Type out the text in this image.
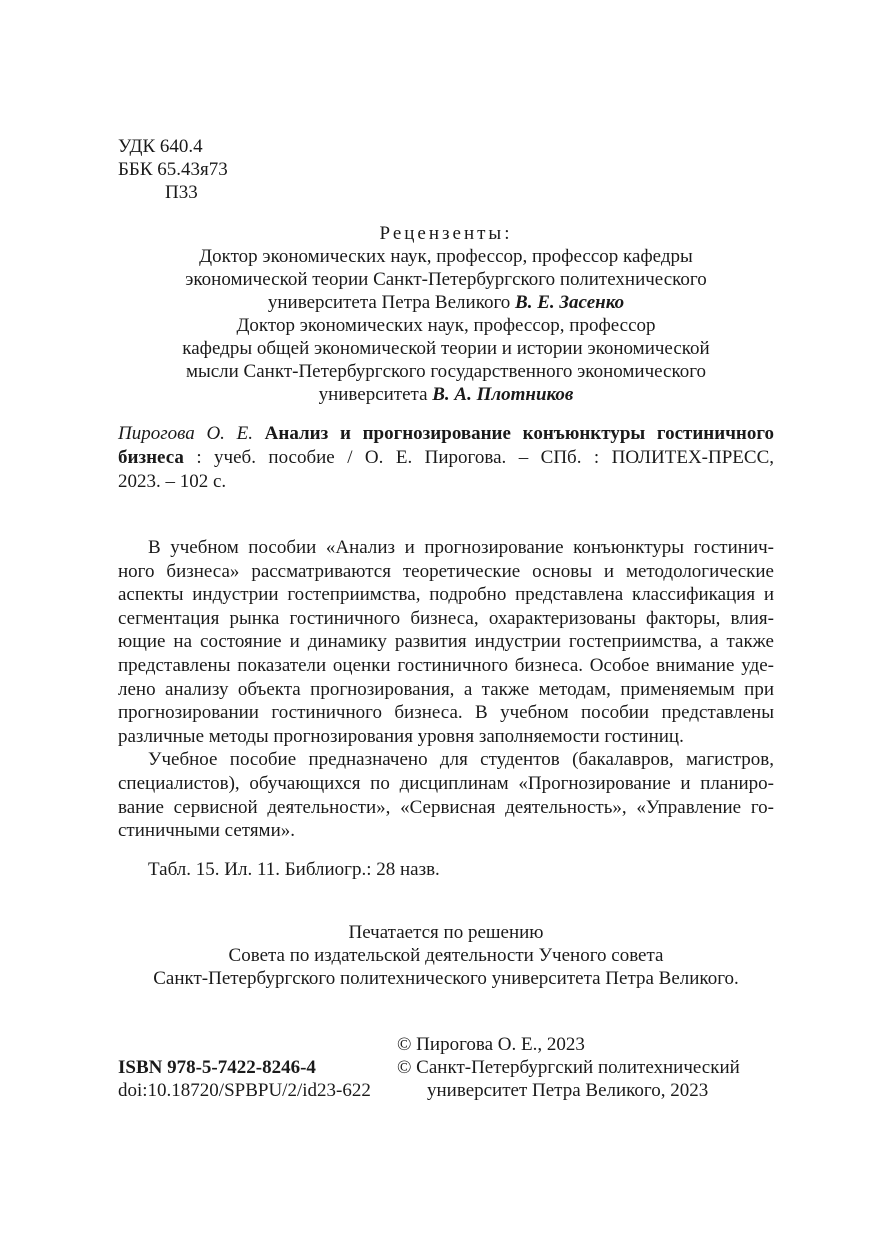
УДК 640.4
ББК 65.43я73
П33
Рецензенты:
Доктор экономических наук, профессор, профессор кафедры
экономической теории Санкт-Петербургского политехнического
университета Петра Великого В. Е. Засенко
Доктор экономических наук, профессор, профессор
кафедры общей экономической теории и истории экономической
мысли Санкт-Петербургского государственного экономического
университета В. А. Плотников
Пирогова О. Е. Анализ и прогнозирование конъюнктуры гостиничного
бизнеса : учеб. пособие / О. Е. Пирогова. – СПб. : ПОЛИТЕХ-ПРЕСС,
2023. – 102 с.
В учебном пособии «Анализ и прогнозирование конъюнктуры гостинич-
ного бизнеса» рассматриваются теоретические основы и методологические
аспекты индустрии гостеприимства, подробно представлена классификация и
сегментация рынка гостиничного бизнеса, охарактеризованы факторы, влия-
ющие на состояние и динамику развития индустрии гостеприимства, а также
представлены показатели оценки гостиничного бизнеса. Особое внимание уде-
лено анализу объекта прогнозирования, а также методам, применяемым при
прогнозировании гостиничного бизнеса. В учебном пособии представлены
различные методы прогнозирования уровня заполняемости гостиниц.
Учебное пособие предназначено для студентов (бакалавров, магистров,
специалистов), обучающихся по дисциплинам «Прогнозирование и планиро-
вание сервисной деятельности», «Сервисная деятельность», «Управление го-
стиничными сетями».
Табл. 15. Ил. 11. Библиогр.: 28 назв.
Печатается по решению
Совета по издательской деятельности Ученого совета
Санкт-Петербургского политехнического университета Петра Великого.
© Пирогова О. Е., 2023
ISBN 978-5-7422-8246-4	© Санкт-Петербургский политехнический
doi:10.18720/SPBPU/2/id23-622	университет Петра Великого, 2023
